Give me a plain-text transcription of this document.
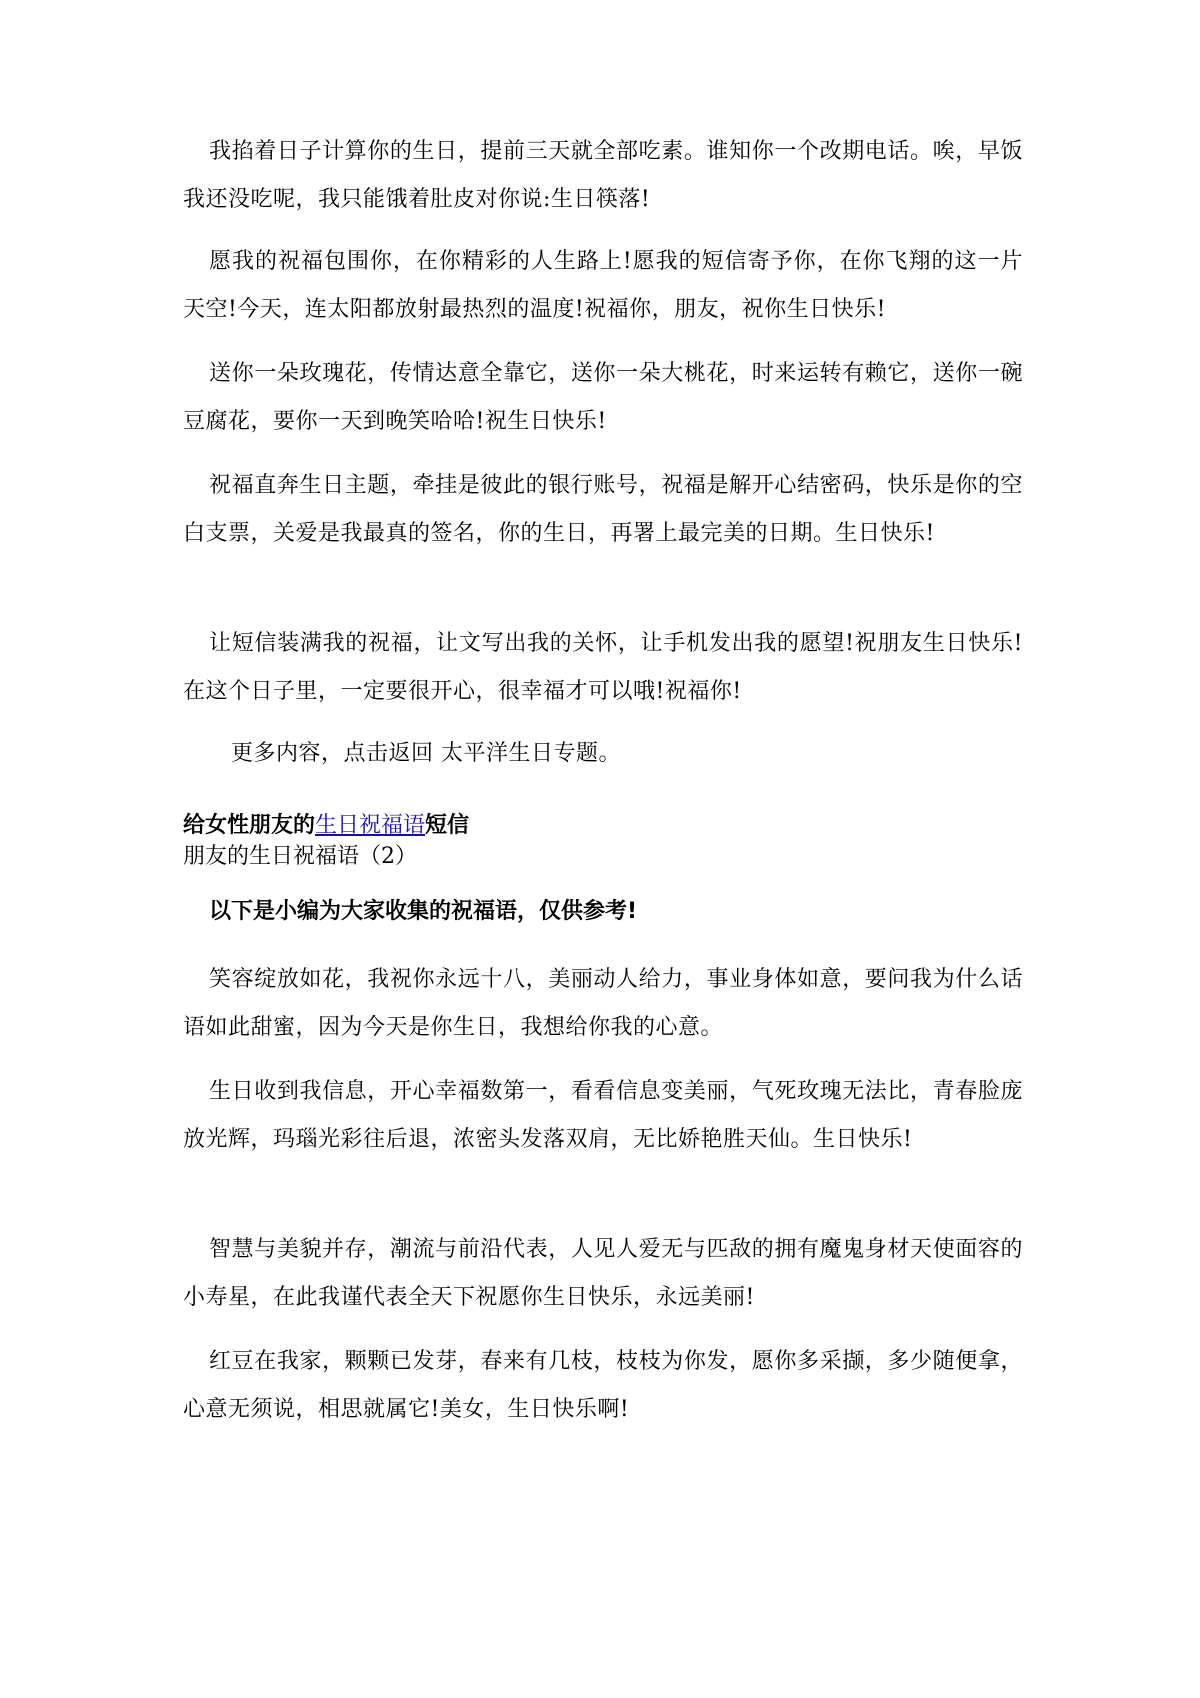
我掐着日子计算你的生日，提前三天就全部吃素。谁知你一个改期电话。唉，早饭我还没吃呢，我只能饿着肚皮对你说:生日筷落!

愿我的祝福包围你，在你精彩的人生路上!愿我的短信寄予你，在你飞翔的这一片天空!今天，连太阳都放射最热烈的温度!祝福你，朋友，祝你生日快乐!

送你一朵玫瑰花，传情达意全靠它，送你一朵大桃花，时来运转有赖它，送你一碗豆腐花，要你一天到晚笑哈哈!祝生日快乐!

祝福直奔生日主题，牵挂是彼此的银行账号，祝福是解开心结密码，快乐是你的空白支票，关爱是我最真的签名，你的生日，再署上最完美的日期。生日快乐!

让短信装满我的祝福，让文写出我的关怀，让手机发出我的愿望!祝朋友生日快乐!在这个日子里，一定要很开心，很幸福才可以哦!祝福你!

更多内容，点击返回 太平洋生日专题。

给女性朋友的生日祝福语短信

朋友的生日祝福语（2）

以下是小编为大家收集的祝福语，仅供参考!

笑容绽放如花，我祝你永远十八，美丽动人给力，事业身体如意，要问我为什么话语如此甜蜜，因为今天是你生日，我想给你我的心意。

生日收到我信息，开心幸福数第一，看看信息变美丽，气死玫瑰无法比，青春脸庞放光辉，玛瑙光彩往后退，浓密头发落双肩，无比娇艳胜天仙。生日快乐!

智慧与美貌并存，潮流与前沿代表，人见人爱无与匹敌的拥有魔鬼身材天使面容的小寿星，在此我谨代表全天下祝愿你生日快乐，永远美丽!

红豆在我家，颗颗已发芽，春来有几枝，枝枝为你发，愿你多采撷，多少随便拿，心意无须说，相思就属它!美女，生日快乐啊!
